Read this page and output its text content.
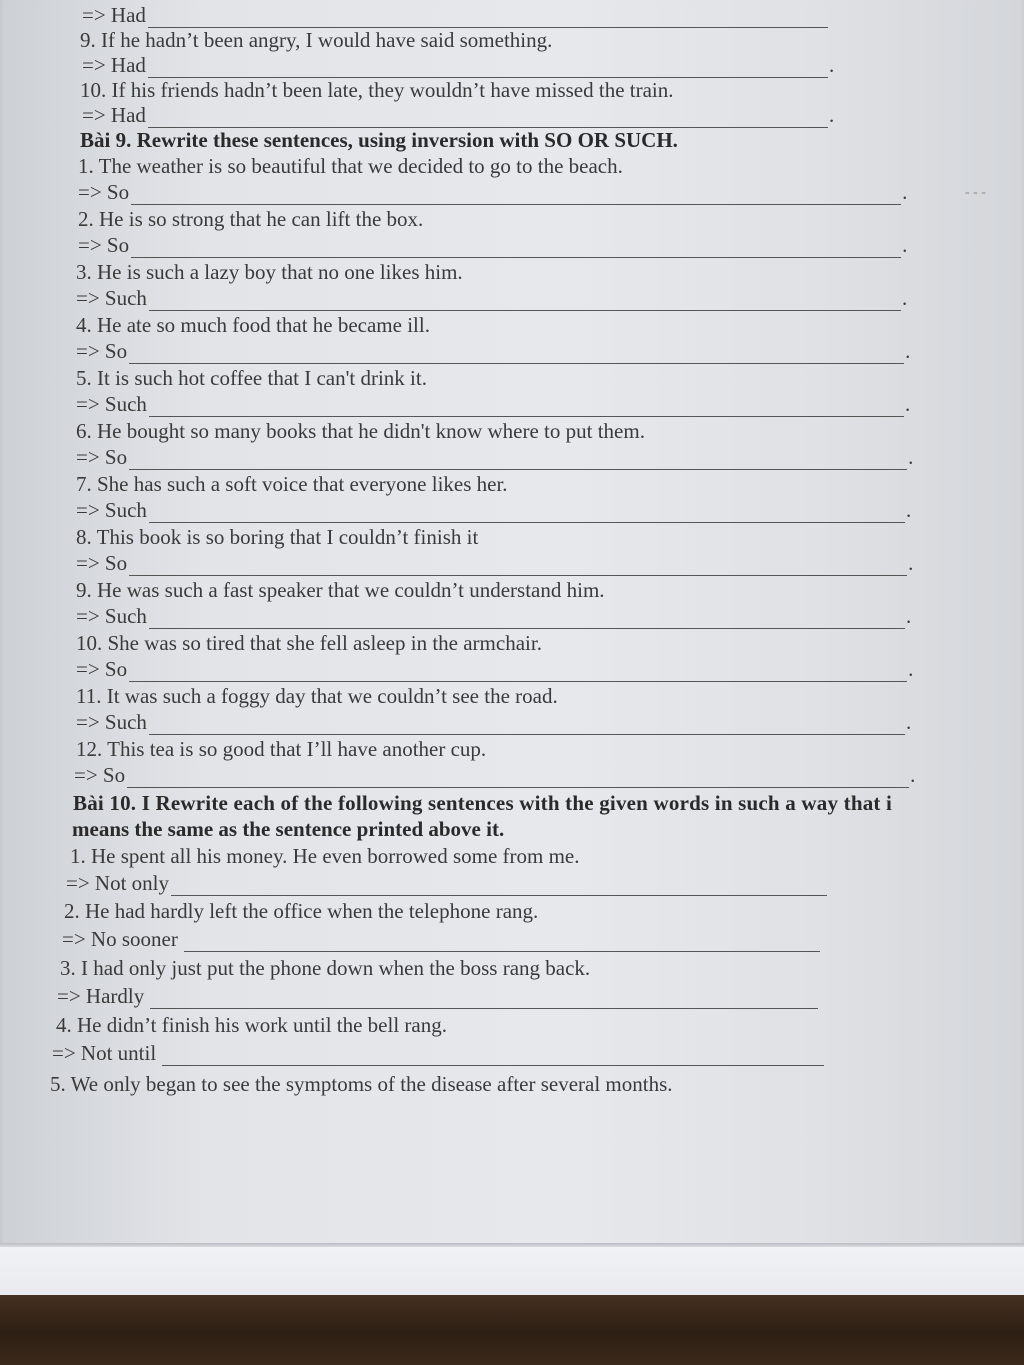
=> Had
9. If he hadn’t been angry, I would have said something.
=> Had	.
10. If his friends hadn’t been late, they wouldn’t have missed the train.
=> Had	.
Bài 9. Rewrite these sentences, using inversion with SO OR SUCH.
1. The weather is so beautiful that we decided to go to the beach.
=> So	.
2. He is so strong that he can lift the box.
=> So	.
3. He is such a lazy boy that no one likes him.
=> Such	.
4. He ate so much food that he became ill.
=> So	.
5. It is such hot coffee that I can't drink it.
=> Such	.
6. He bought so many books that he didn't know where to put them.
=> So	.
7. She has such a soft voice that everyone likes her.
=> Such	.
8. This book is so boring that I couldn’t finish it
=> So	.
9. He was such a fast speaker that we couldn’t understand him.
=> Such	.
10. She was so tired that she fell asleep in the armchair.
=> So	.
11. It was such a foggy day that we couldn’t see the road.
=> Such	.
12. This tea is so good that I’ll have another cup.
=> So	.
Bài 10. I Rewrite each of the following sentences with the given words in such a way that i
means the same as the sentence printed above it.
1. He spent all his money. He even borrowed some from me.
=> Not only
2. He had hardly left the office when the telephone rang.
=> No sooner
3. I had only just put the phone down when the boss rang back.
=> Hardly
4. He didn’t finish his work until the bell rang.
=> Not until
5. We only began to see the symptoms of the disease after several months.
- - -
